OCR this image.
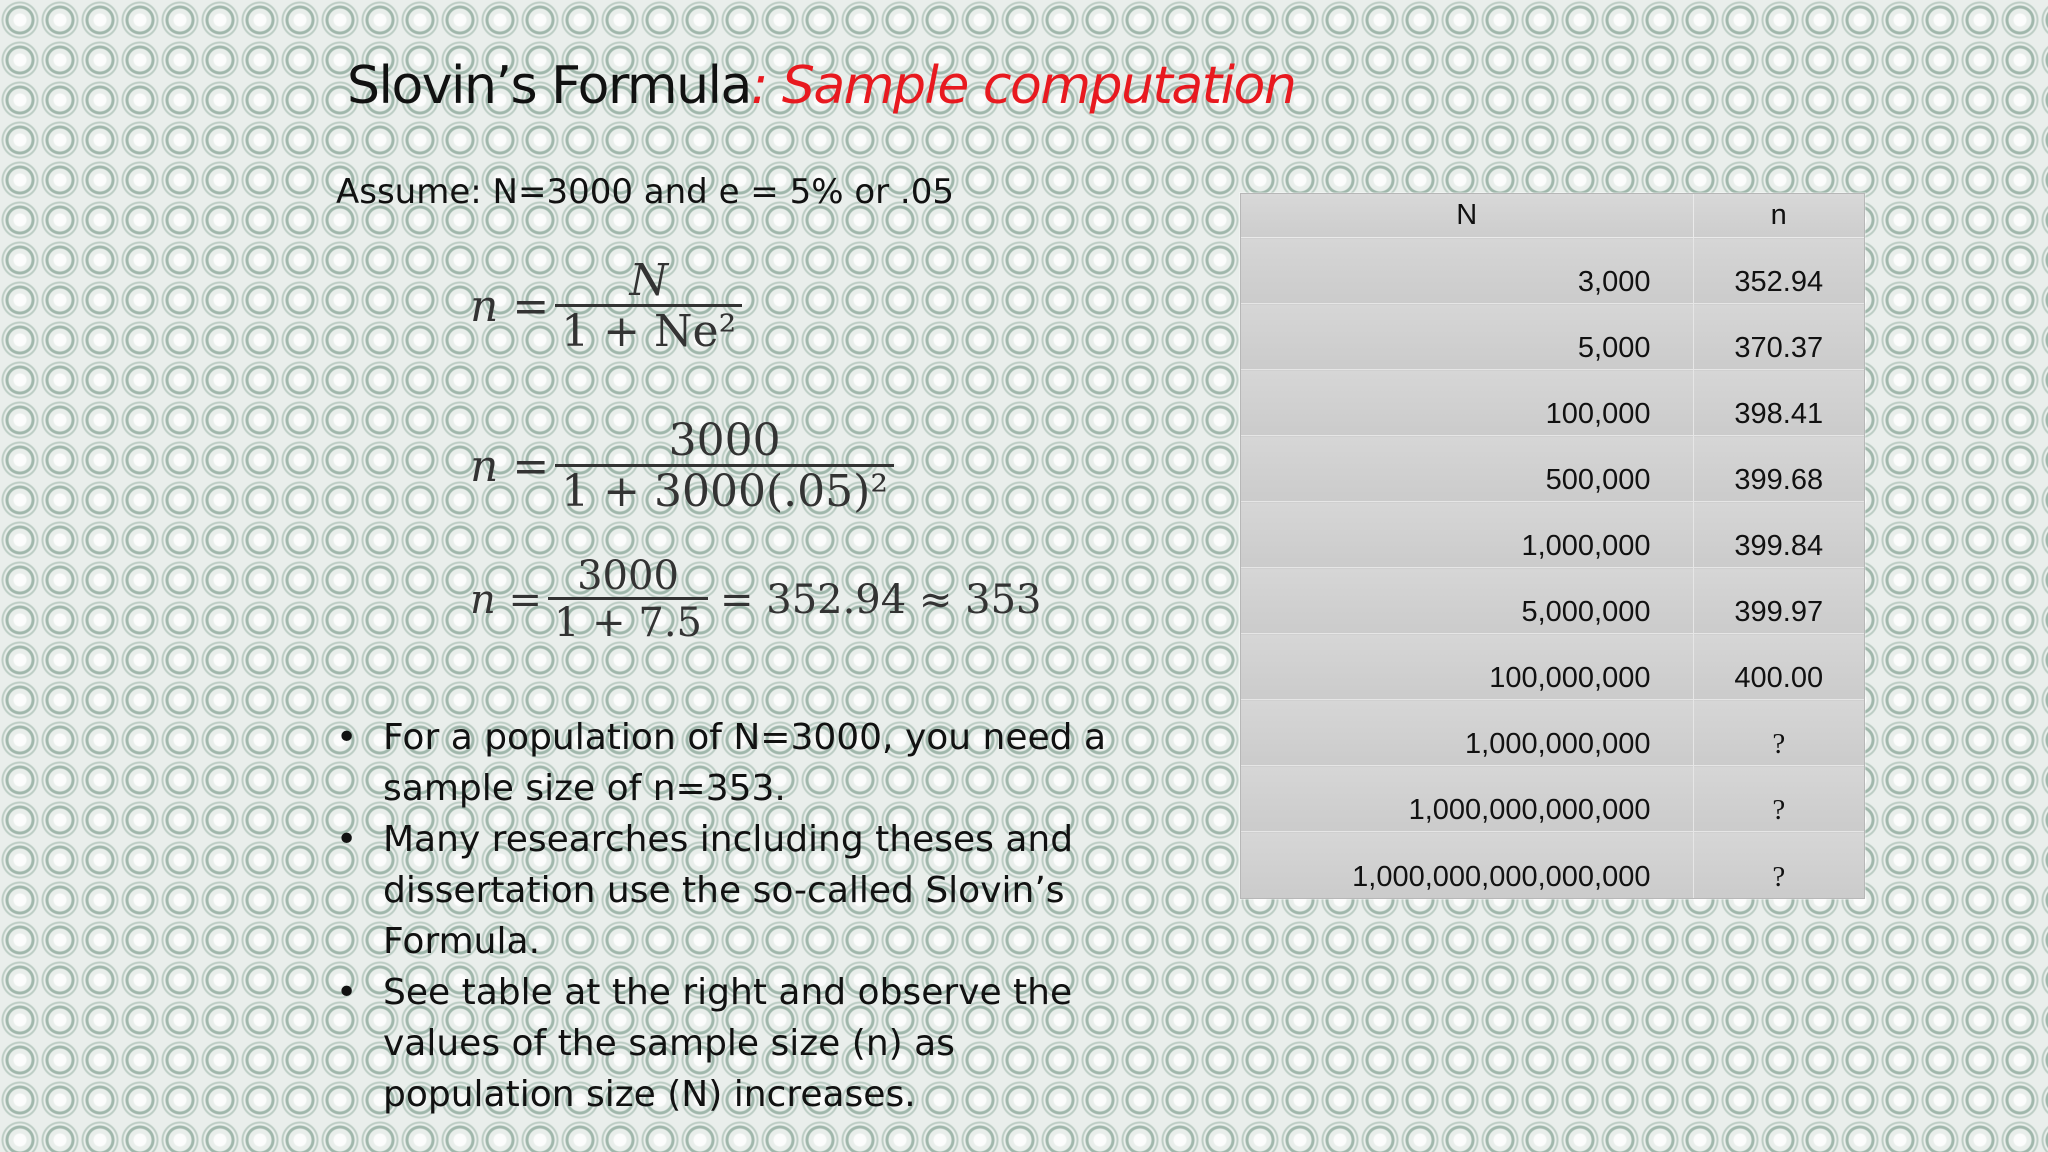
Slovin’s Formula: Sample computation
Assume: N=3000 and e = 5% or .05
$n = \frac{N}{\text{1 + Ne²}}$
$n = \frac{3000}{\text{1 + 3000(.05)²}}$
$n = \frac{3000}{1 + 7.5} = 352.94 \approx 353$
• For a population of N=3000, you need a sample size of n=353.
• Many researches including theses and dissertation use the so-called Slovin’s Formula.
• See table at the right and observe the values of the sample size (n) as population size (N) increases.
N	n
3,000	352.94
5,000	370.37
100,000	398.41
500,000	399.68
1,000,000	399.84
5,000,000	399.97
100,000,000	400.00
1,000,000,000	?
1,000,000,000,000	?
1,000,000,000,000,000	?
